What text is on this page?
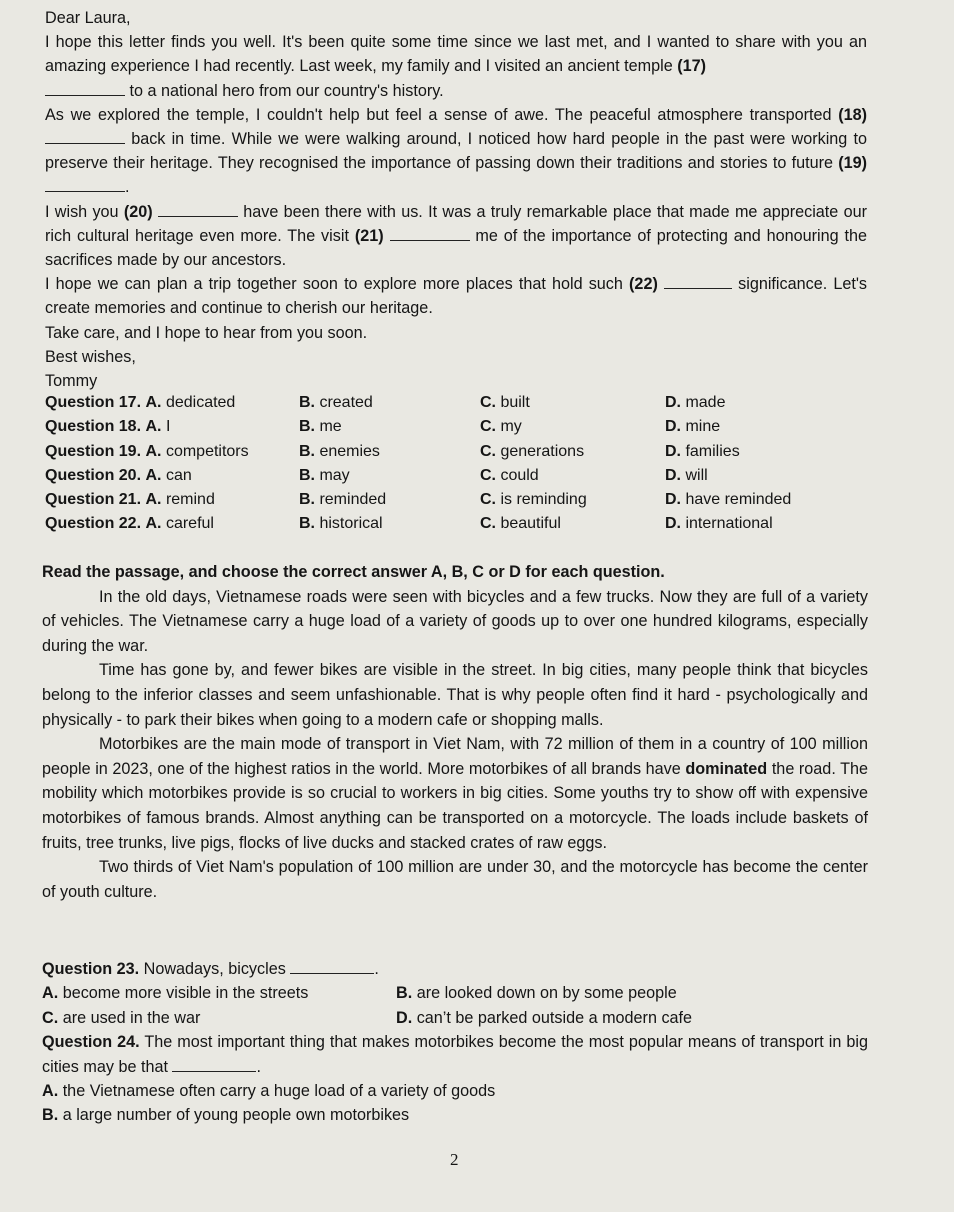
Dear Laura,

I hope this letter finds you well. It's been quite some time since we last met, and I wanted to share with you an amazing experience I had recently. Last week, my family and I visited an ancient temple (17)
to a national hero from our country's history.

As we explored the temple, I couldn't help but feel a sense of awe. The peaceful atmosphere transported (18)  back in time. While we were walking around, I noticed how hard people in the past were working to preserve their heritage. They recognised the importance of passing down their traditions and stories to future (19) .

I wish you (20)	have been there with us. It was a truly remarkable place that made me appreciate our rich cultural heritage even more. The visit (21)	me of the importance of protecting and honouring the sacrifices made by our ancestors.

I hope we can plan a trip together soon to explore more places that hold such (22)	significance. Let's create memories and continue to cherish our heritage.

Take care, and I hope to hear from you soon.

Best wishes,

Tommy

Question 17. A. dedicated	B. created	C. built	D. made
Question 18. A. I	B. me	C. my	D. mine
Question 19. A. competitors	B. enemies	C. generations	D. families
Question 20. A. can	B. may	C. could	D. will
Question 21. A. remind	B. reminded	C. is reminding	D. have reminded
Question 22. A. careful	B. historical	C. beautiful	D. international

Read the passage, and choose the correct answer A, B, C or D for each question.

In the old days, Vietnamese roads were seen with bicycles and a few trucks. Now they are full of a variety of vehicles. The Vietnamese carry a huge load of a variety of goods up to over one hundred kilograms, especially during the war.

Time has gone by, and fewer bikes are visible in the street. In big cities, many people think that bicycles belong to the inferior classes and seem unfashionable. That is why people often find it hard - psychologically and physically - to park their bikes when going to a modern cafe or shopping malls.

Motorbikes are the main mode of transport in Viet Nam, with 72 million of them in a country of 100 million people in 2023, one of the highest ratios in the world. More motorbikes of all brands have dominated the road. The mobility which motorbikes provide is so crucial to workers in big cities. Some youths try to show off with expensive motorbikes of famous brands. Almost anything can be transported on a motorcycle. The loads include baskets of fruits, tree trunks, live pigs, flocks of live ducks and stacked crates of raw eggs.

Two thirds of Viet Nam's population of 100 million are under 30, and the motorcycle has become the center of youth culture.

Question 23. Nowadays, bicycles	.

A. become more visible in the streets	B. are looked down on by some people
C. are used in the war	D. can’t be parked outside a modern cafe

Question 24. The most important thing that makes motorbikes become the most popular means of transport in big cities may be that	.

A. the Vietnamese often carry a huge load of a variety of goods

B. a large number of young people own motorbikes

2
